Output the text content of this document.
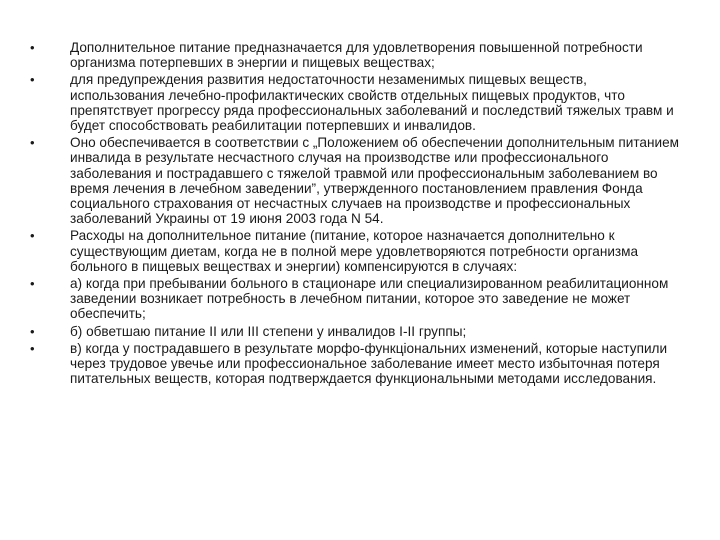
•	Дополнительное питание предназначается для удовлетворения повышенной потребности организма потерпевших в энергии и пищевых веществах;
•	для предупреждения развития недостаточности незаменимых пищевых веществ, использования лечебно-профилактических свойств отдельных пищевых продуктов, что препятствует прогрессу ряда профессиональных заболеваний и последствий тяжелых травм и будет способствовать реабилитации потерпевших и инвалидов.
•	Оно обеспечивается в соответствии с „Положением об обеспечении дополнительным питанием инвалида в результате несчастного случая на производстве или профессионального заболевания и пострадавшего с тяжелой травмой или профессиональным заболеванием во время лечения в лечебном заведении”, утвержденного постановлением правления Фонда социального страхования от несчастных случаев на производстве и профессиональных заболеваний Украины от 19 июня 2003 года N 54.
•	Расходы на дополнительное питание (питание, которое назначается дополнительно к существующим диетам, когда не в полной мере удовлетворяются потребности организма больного в пищевых веществах и энергии) компенсируются в случаях:
•	а) когда при пребывании больного в стационаре или специализированном реабилитационном заведении возникает потребность в лечебном питании, которое это заведение не может обеспечить;
•	б) обветшаю питание II или III степени у инвалидов I-II группы;
•	в) когда у пострадавшего в результате морфо-функціональних изменений, которые наступили через трудовое увечье или профессиональное заболевание имеет место избыточная потеря питательных веществ, которая подтверждается функциональными методами исследования.
